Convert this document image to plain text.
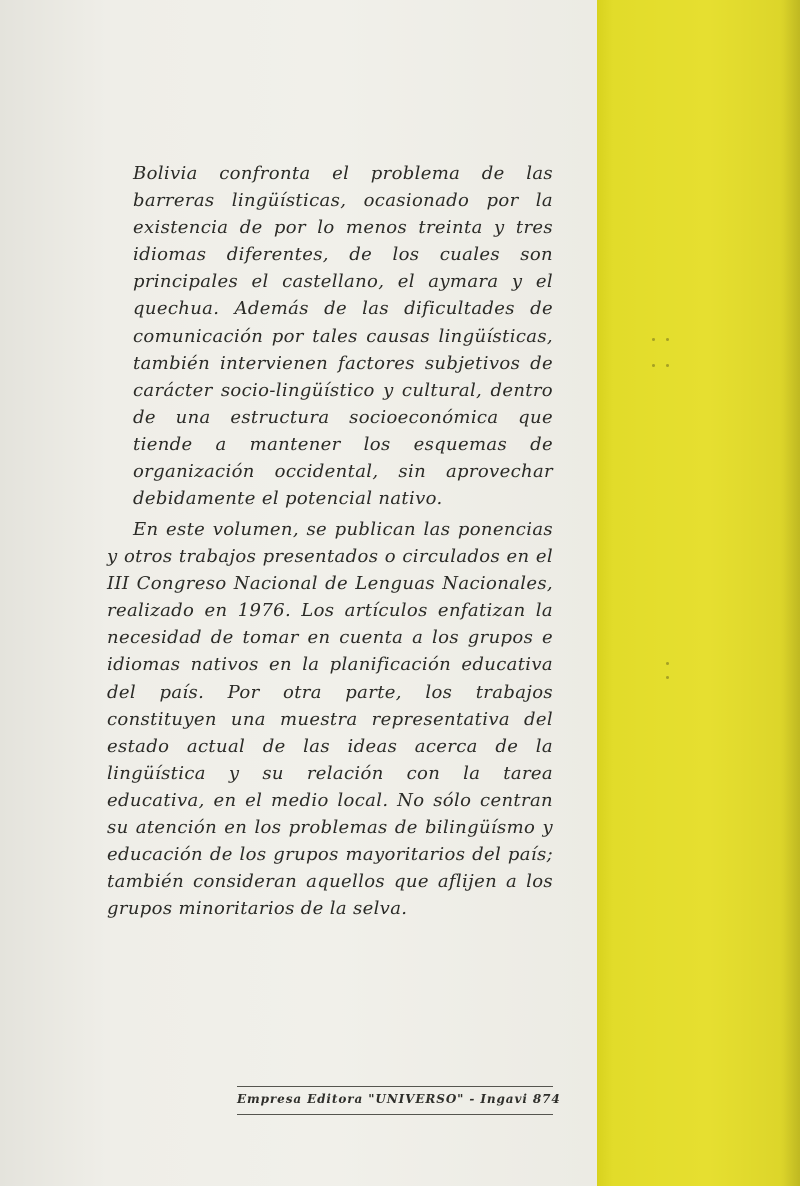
Bolivia confronta el problema de las barreras lingüísticas, ocasionado por la existencia de por lo menos treinta y tres idiomas diferentes, de los cuales son principales el castellano, el aymara y el quechua. Además de las dificultades de comunicación por tales causas lingüísticas, también intervienen factores subjetivos de carácter socio-lingüístico y cultural, dentro de una estructura socioeconómica que tiende a mantener los esquemas de organización occidental, sin aprovechar debidamente el potencial nativo.

En este volumen, se publican las ponencias y otros trabajos presentados o circulados en el III Congreso Nacional de Lenguas Nacionales, realizado en 1976. Los artículos enfatizan la necesidad de tomar en cuenta a los grupos e idiomas nativos en la planificación educativa del país. Por otra parte, los trabajos constituyen una muestra representativa del estado actual de las ideas acerca de la lingüística y su relación con la tarea educativa, en el medio local. No sólo centran su atención en los problemas de bilingüísmo y educación de los grupos mayoritarios del país; también consideran aquellos que aflijen a los grupos minoritarios de la selva.

Empresa Editora "UNIVERSO" - Ingavi 874
